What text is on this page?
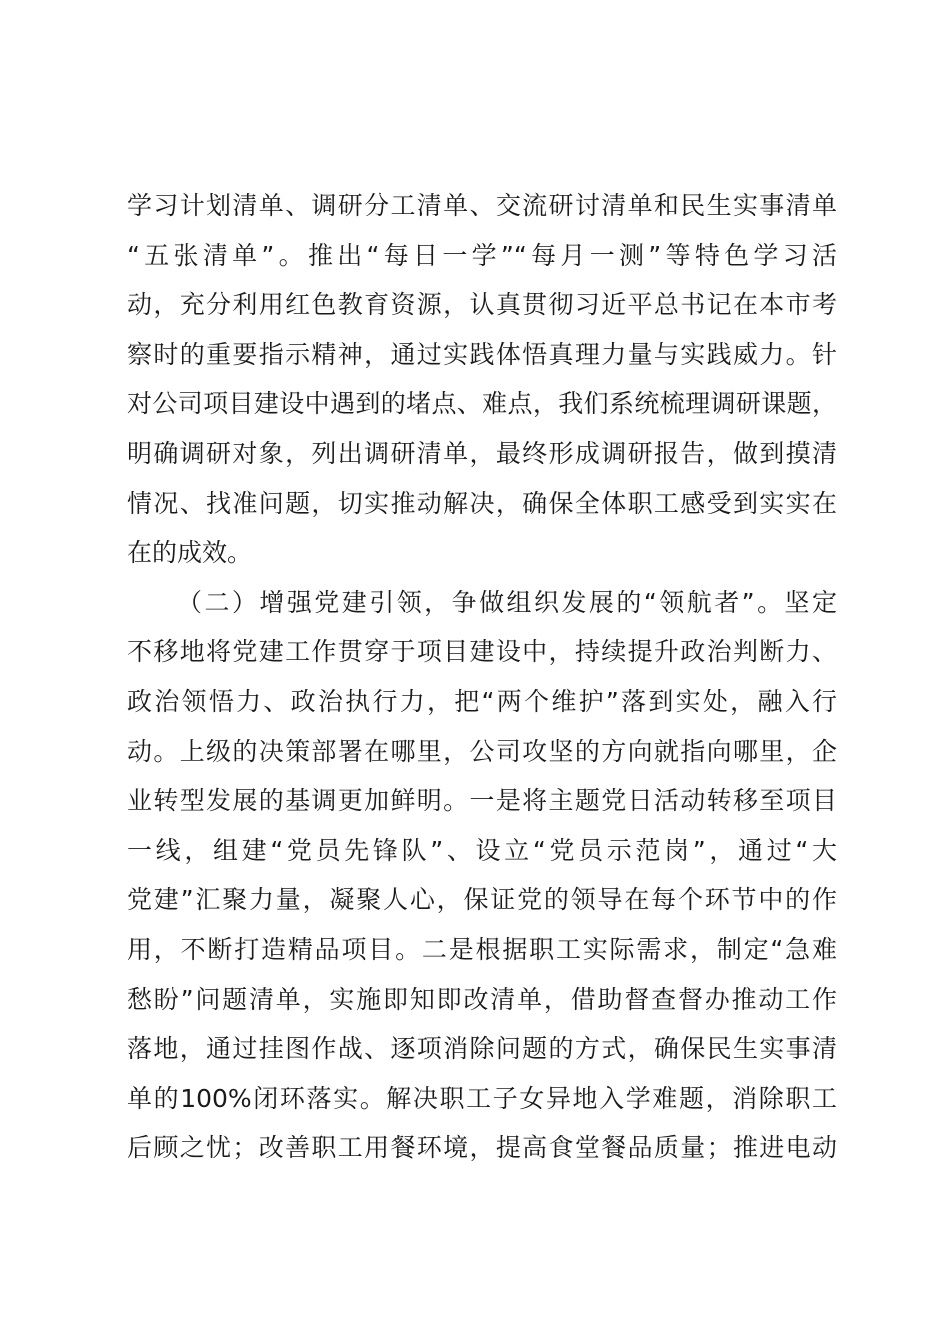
学习计划清单、调研分工清单、交流研讨清单和民生实事清单
“五张清单”。推出“每日一学”“每月一测”等特色学习活
动，充分利用红色教育资源，认真贯彻习近平总书记在本市考
察时的重要指示精神，通过实践体悟真理力量与实践威力。针
对公司项目建设中遇到的堵点、难点，我们系统梳理调研课题，
明确调研对象，列出调研清单，最终形成调研报告，做到摸清
情况、找准问题，切实推动解决，确保全体职工感受到实实在
在的成效。
（二）增强党建引领，争做组织发展的“领航者”。坚定
不移地将党建工作贯穿于项目建设中，持续提升政治判断力、
政治领悟力、政治执行力，把“两个维护”落到实处，融入行
动。上级的决策部署在哪里，公司攻坚的方向就指向哪里，企
业转型发展的基调更加鲜明。一是将主题党日活动转移至项目
一线，组建“党员先锋队”、设立“党员示范岗”，通过“大
党建”汇聚力量，凝聚人心，保证党的领导在每个环节中的作
用，不断打造精品项目。二是根据职工实际需求，制定“急难
愁盼”问题清单，实施即知即改清单，借助督查督办推动工作
落地，通过挂图作战、逐项消除问题的方式，确保民生实事清
单的100%闭环落实。解决职工子女异地入学难题，消除职工
后顾之忧；改善职工用餐环境，提高食堂餐品质量；推进电动
